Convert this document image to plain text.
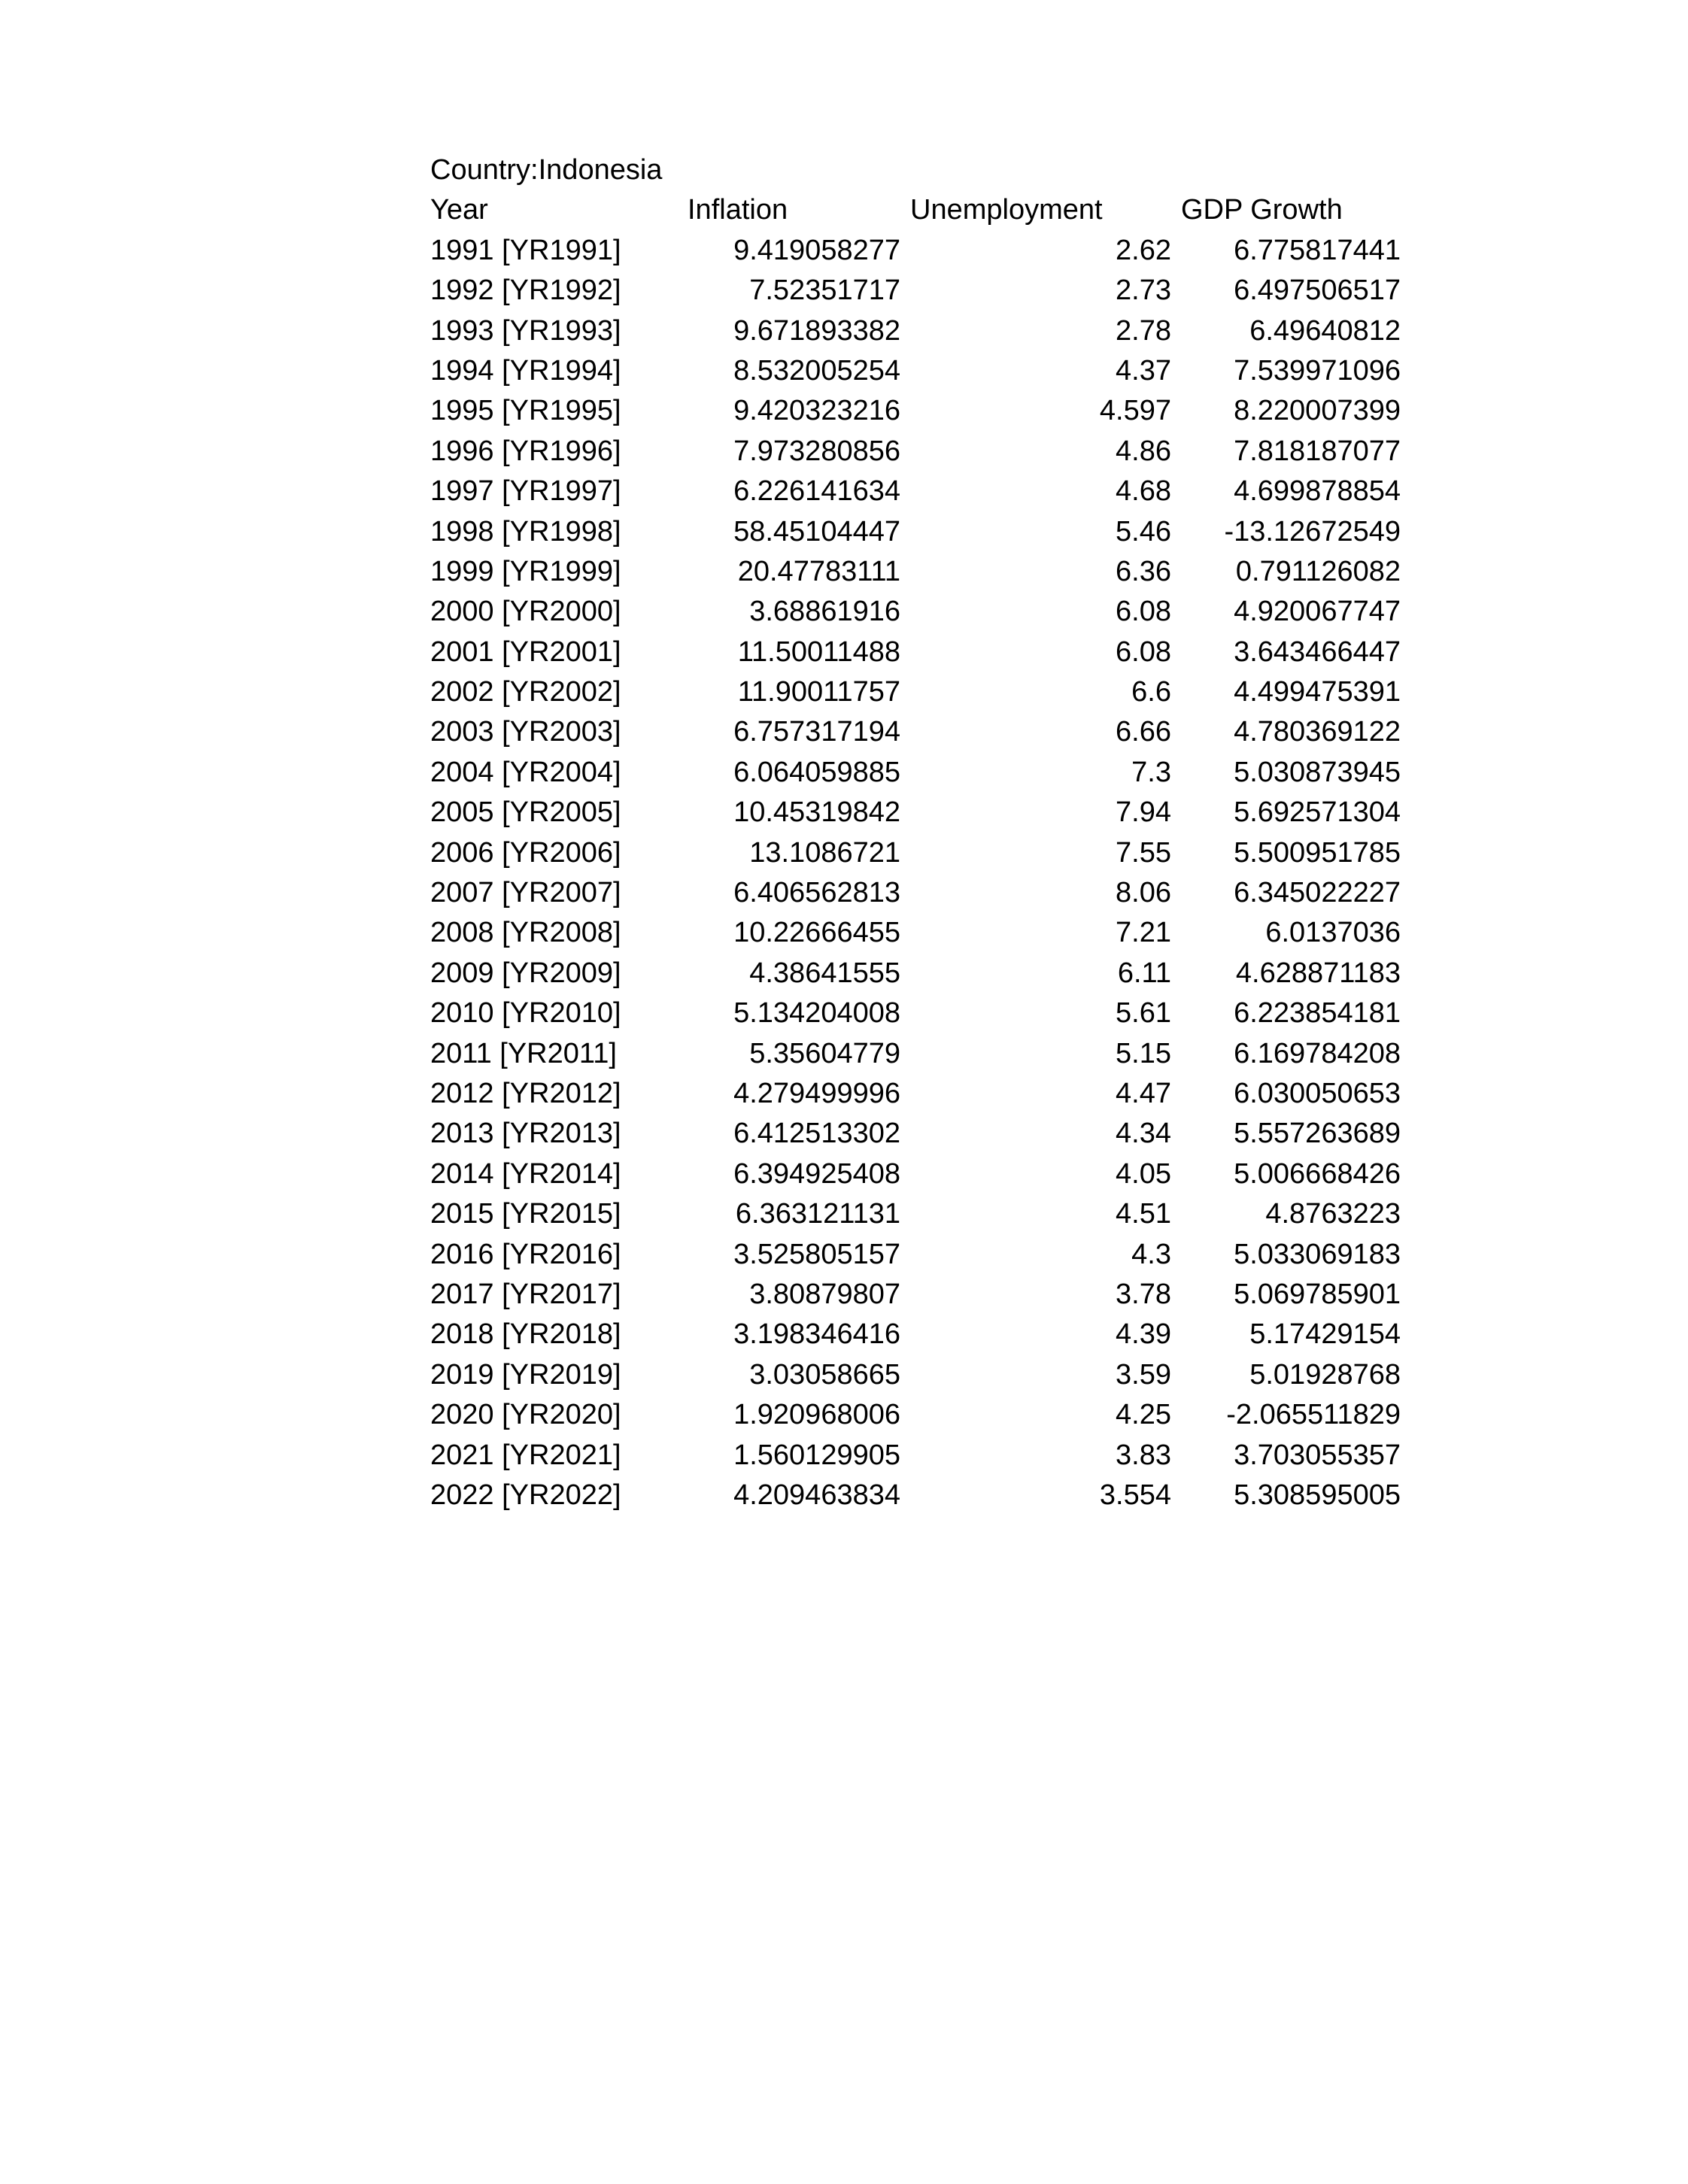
Country:Indonesia
Year	Inflation	Unemployment	GDP Growth
1991 [YR1991]	9.419058277	2.62 6.775817441
1992 [YR1992]	7.52351717	2.73 6.497506517
1993 [YR1993]	9.671893382	2.78	6.49640812
1994 [YR1994]	8.532005254	4.37 7.539971096
1995 [YR1995]	9.420323216	4.597 8.220007399
1996 [YR1996]	7.973280856	4.86 7.818187077
1997 [YR1997]	6.226141634	4.68 4.699878854
1998 [YR1998]	58.45104447	5.46 -13.12672549
1999 [YR1999]	20.47783111	6.36 0.791126082
2000 [YR2000]	3.68861916	6.08 4.920067747
2001 [YR2001]	11.50011488	6.08 3.643466447
2002 [YR2002]	11.90011757	6.6 4.499475391
2003 [YR2003]	6.757317194	6.66 4.780369122
2004 [YR2004]	6.064059885	7.3 5.030873945
2005 [YR2005]	10.45319842	7.94 5.692571304
2006 [YR2006]	13.1086721	7.55 5.500951785
2007 [YR2007]	6.406562813	8.06 6.345022227
2008 [YR2008]	10.22666455	7.21	6.0137036
2009 [YR2009]	4.38641555	6.11 4.628871183
2010 [YR2010]	5.134204008	5.61 6.223854181
2011 [YR2011]	5.35604779	5.15 6.169784208
2012 [YR2012]	4.279499996	4.47 6.030050653
2013 [YR2013]	6.412513302	4.34 5.557263689
2014 [YR2014]	6.394925408	4.05 5.006668426
2015 [YR2015]	6.363121131	4.51	4.8763223
2016 [YR2016]	3.525805157	4.3 5.033069183
2017 [YR2017]	3.80879807	3.78 5.069785901
2018 [YR2018]	3.198346416	4.39	5.17429154
2019 [YR2019]	3.03058665	3.59	5.01928768
2020 [YR2020]	1.920968006	4.25 -2.065511829
2021 [YR2021]	1.560129905	3.83 3.703055357
2022 [YR2022]	4.209463834	3.554 5.308595005
